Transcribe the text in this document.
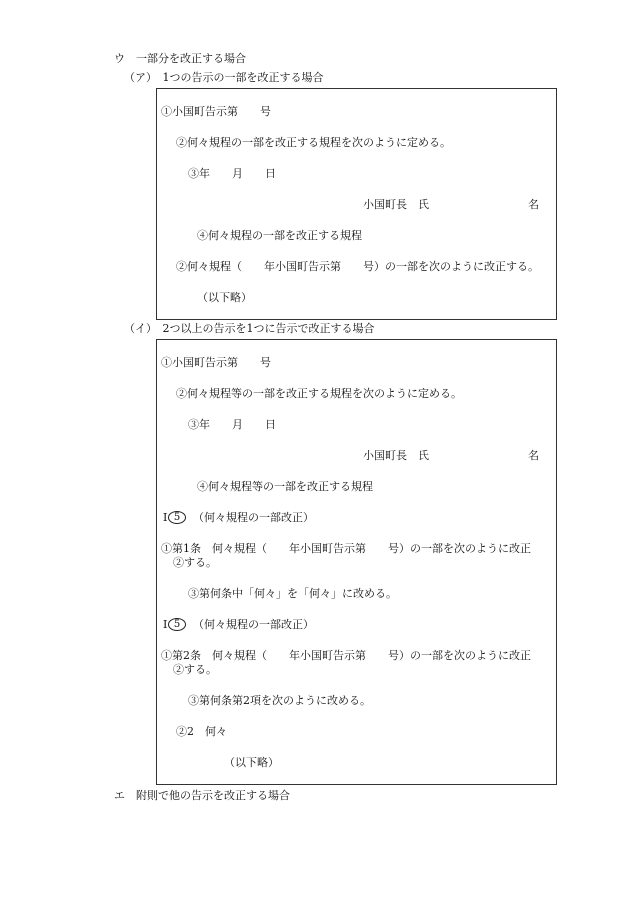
ウ　一部分を改正する場合
（ア）　1つの告示の一部を改正する場合
①小国町告示第　　号
②何々規程の一部を改正する規程を次のように定める。
③年　　月　　日
小国町長　氏	名
④何々規程の一部を改正する規程
②何々規程（　　年小国町告示第　　号）の一部を次のように改正する。
（以下略）
（イ）　2つ以上の告示を1つに告示で改正する場合
①小国町告示第　　号
②何々規程等の一部を改正する規程を次のように定める。
③年　　月　　日
小国町長　氏	名
④何々規程等の一部を改正する規程
I 5	（何々規程の一部改正）
①第1条　何々規程（　　年小国町告示第　　号）の一部を次のように改正
②する。
③第何条中「何々」を「何々」に改める。
I 5	（何々規程の一部改正）
①第2条　何々規程（　　年小国町告示第　　号）の一部を次のように改正
②する。
③第何条第2項を次のように改める。
②2　何々
（以下略）
エ　附則で他の告示を改正する場合
